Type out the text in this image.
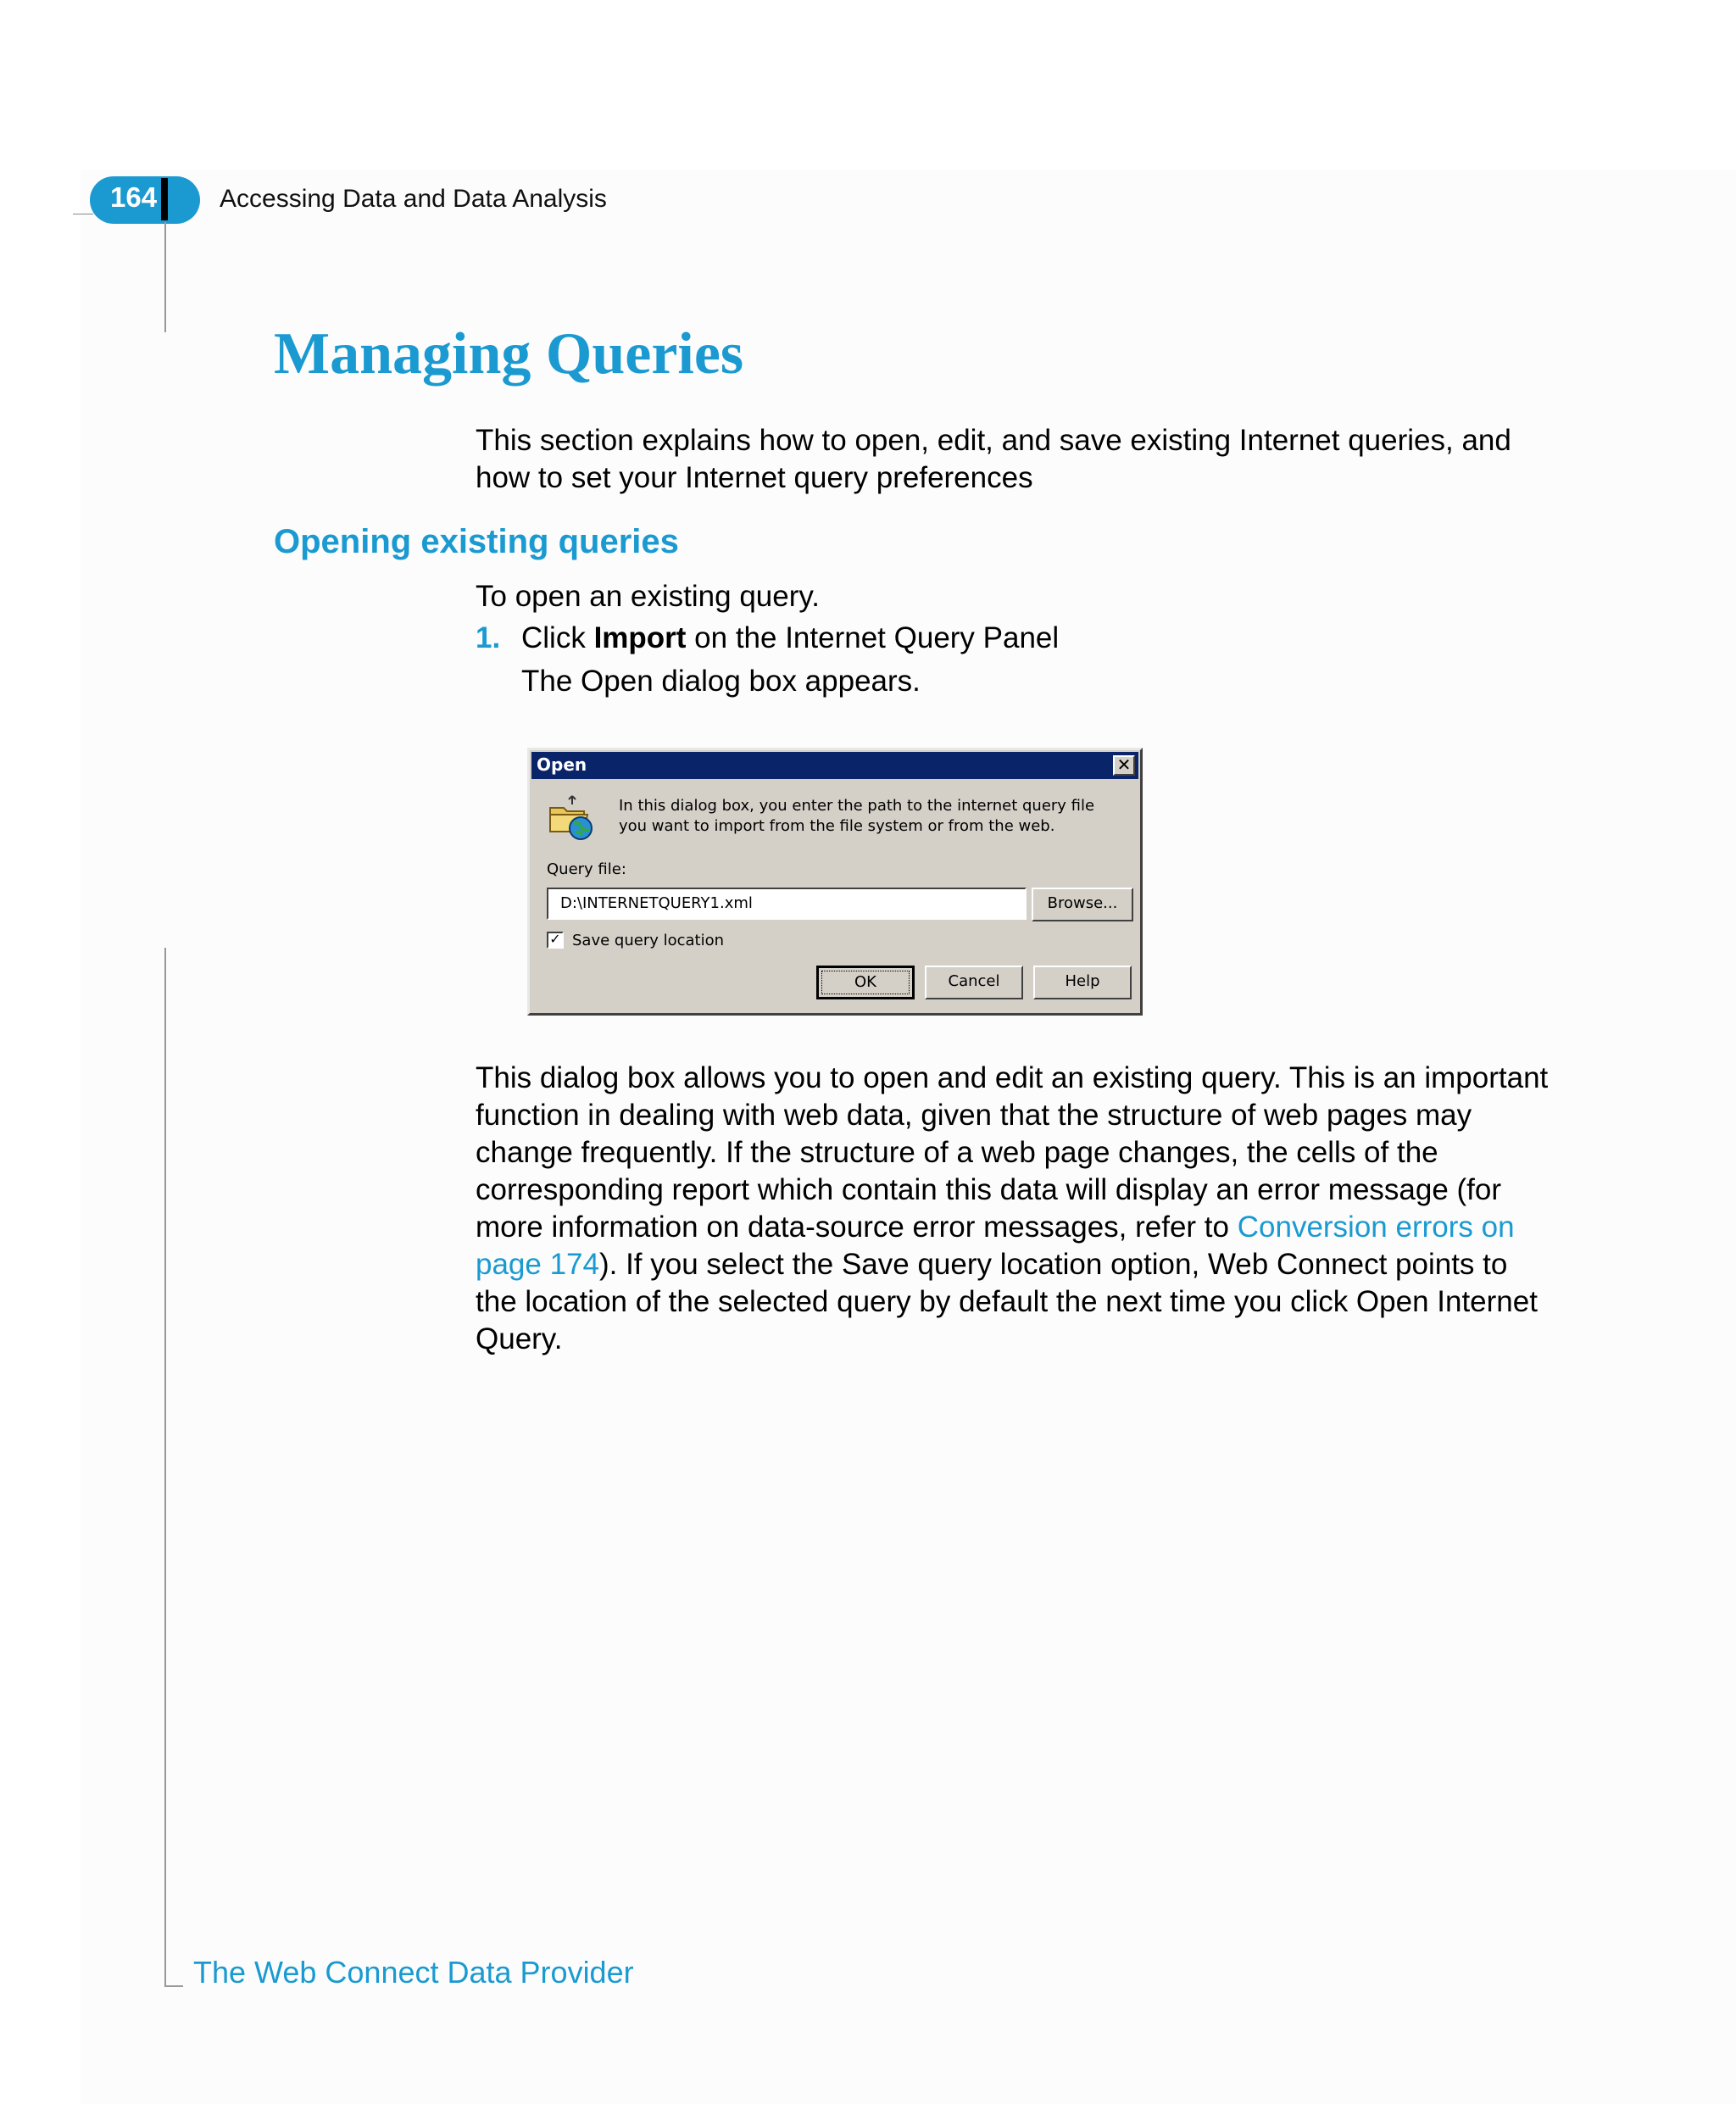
164 Accessing Data and Data Analysis
Managing Queries
This section explains how to open, edit, and save existing Internet queries, and how to set your Internet query preferences
Opening existing queries
To open an existing query.
1. Click Import on the Internet Query Panel
The Open dialog box appears.
Open	✕
In this dialog box, you enter the path to the internet query file you want to import from the file system or from the web.
Query file:
D:\INTERNETQUERY1.xml	Browse...
✓ Save query location
OK	Cancel	Help
This dialog box allows you to open and edit an existing query. This is an important function in dealing with web data, given that the structure of web pages may change frequently. If the structure of a web page changes, the cells of the corresponding report which contain this data will display an error message (for more information on data-source error messages, refer to Conversion errors on page 174). If you select the Save query location option, Web Connect points to the location of the selected query by default the next time you click Open Internet Query.
The Web Connect Data Provider
